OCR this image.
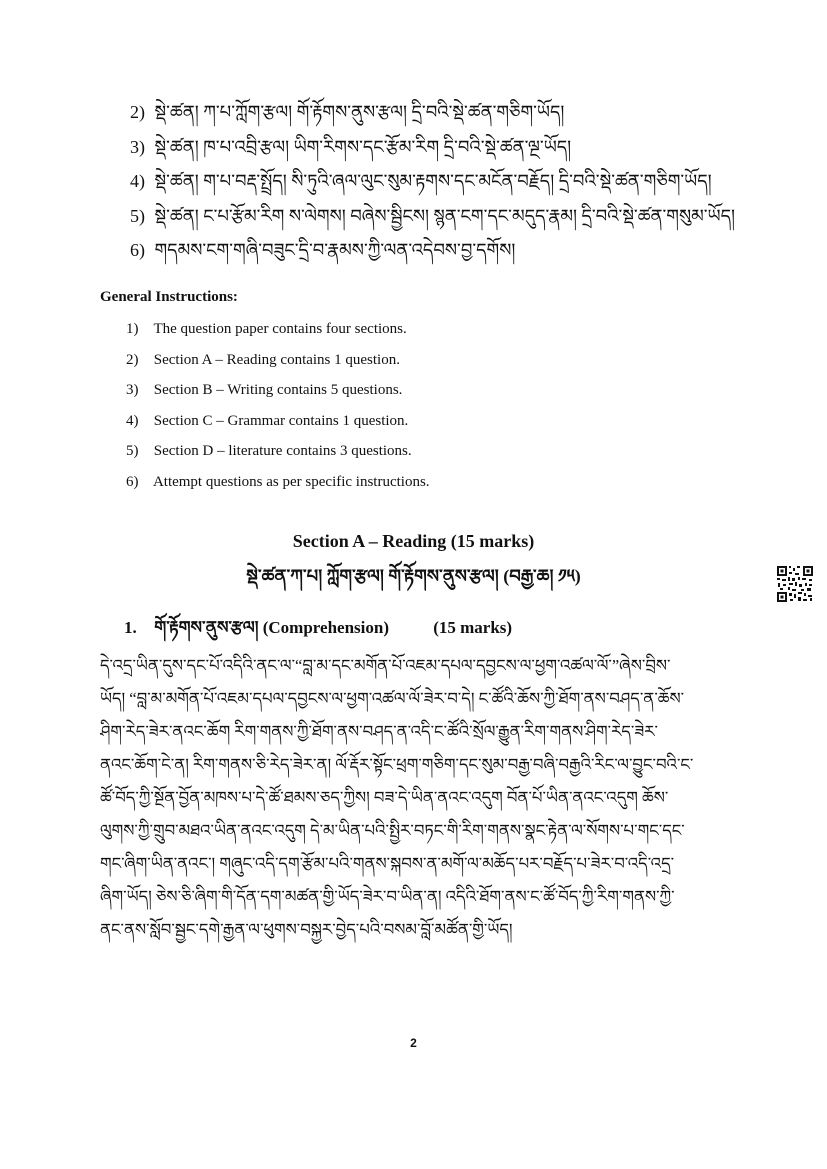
2) སྡེ་ཚན། ཀ་པ་ཀློག་རྩལ། གོ་རྟོགས་ནུས་རྩལ། དྲི་བའི་སྡེ་ཚན་གཅིག་ཡོད།
3) སྡེ་ཚན། ཁ་པ་འབྲི་རྩལ། ཡིག་རིགས་དང་རྩོམ་རིག དྲི་བའི་སྡེ་ཚན་ལྔ་ཡོད།
4) སྡེ་ཚན། ག་པ་བརྡ་སྤྲོད། སི་ཏུའི་ཞལ་ལུང་སུམ་རྟགས་དང་མངོན་བརྗོད། དྲི་བའི་སྡེ་ཚན་གཅིག་ཡོད།
5) སྡེ་ཚན། ང་པ་རྩོམ་རིག ས་ལེགས། བཞེས་སྦྱིངས། སྙན་ངག་དང་མདུད་རྣམ། དྲི་བའི་སྡེ་ཚན་གསུམ་ཡོད།
6) གདམས་ངག་གཞི་བཟུང་དྲི་བ་རྣམས་ཀྱི་ལན་འདེབས་བྱ་དགོས།
General Instructions:
1) The question paper contains four sections.
2) Section A – Reading contains 1 question.
3) Section B – Writing contains 5 questions.
4) Section C – Grammar contains 1 question.
5) Section D – literature contains 3 questions.
6) Attempt questions as per specific instructions.
Section A – Reading (15 marks)
སྡེ་ཚན་ཀ་པ། ཀློག་རྩལ། གོ་རྟོགས་ནུས་རྩལ། (བརྒྱ་ཆ། ༡༥)
1. གོ་རྟོགས་ནུས་རྩལ། (Comprehension)	(15 marks)
དེ་འདྲ་ཡིན་དུས་དང་པོ་འདིའི་ནང་ལ་“བླ་མ་དང་མགོན་པོ་འཇམ་དཔལ་དབྱངས་ལ་ཕྱག་འཚལ་ལོ་”ཞེས་བྲིས་
ཡོད། “བླ་མ་མགོན་པོ་འཇམ་དཔལ་དབྱངས་ལ་ཕྱག་འཚལ་ལོ་ཟེར་བ་དེ། ང་ཚོའི་ཆོས་ཀྱི་ཐོག་ནས་བཤད་ན་ཆོས་
ཤིག་རེད་ཟེར་ནའང་ཆོག རིག་གནས་ཀྱི་ཐོག་ནས་བཤད་ན་འདི་ང་ཚོའི་སྲོལ་རྒྱུན་རིག་གནས་ཤིག་རེད་ཟེར་
ནའང་ཆོག་ངེ་ན། རིག་གནས་ཅི་རེད་ཟེར་ན། ལོ་རྡོར་སྟོང་ཕྲག་གཅིག་དང་སུམ་བརྒྱ་བཞི་བརྒྱའི་རིང་ལ་བྱུང་བའི་ང་
ཚོ་བོད་ཀྱི་སྔོན་བྱོན་མཁས་པ་དེ་ཚོ་ཐམས་ཅད་ཀྱིས། བཟ་དེ་ཡིན་ནའང་འདུག བོན་པོ་ཡིན་ནའང་འདུག ཆོས་
ལུགས་ཀྱི་གྲུབ་མཐའ་ཡིན་ནའང་འདུག དེ་མ་ཡིན་པའི་སྤྱིར་བཏང་གི་རིག་གནས་སྣང་རྟེན་ལ་སོགས་པ་གང་དང་
གང་ཞིག་ཡིན་ནའང་། གཞུང་འདི་དག་རྩོམ་པའི་གནས་སྐབས་ན་མགོ་ལ་མཆོད་པར་བརྗོད་པ་ཟེར་བ་འདི་འདྲ་
ཞིག་ཡོད། ཅེས་ཅི་ཞིག་གི་དོན་དག་མཚན་གྱི་ཡོད་ཟེར་བ་ཡིན་ན། འདིའི་ཐོག་ནས་ང་ཚོ་བོད་ཀྱི་རིག་གནས་ཀྱི་
ནང་ནས་སློབ་སྦྱང་དགེ་རྒྱན་ལ་ཕུགས་བསྐྱར་བྱེད་པའི་བསམ་བློ་མཚོན་གྱི་ཡོད།
2
